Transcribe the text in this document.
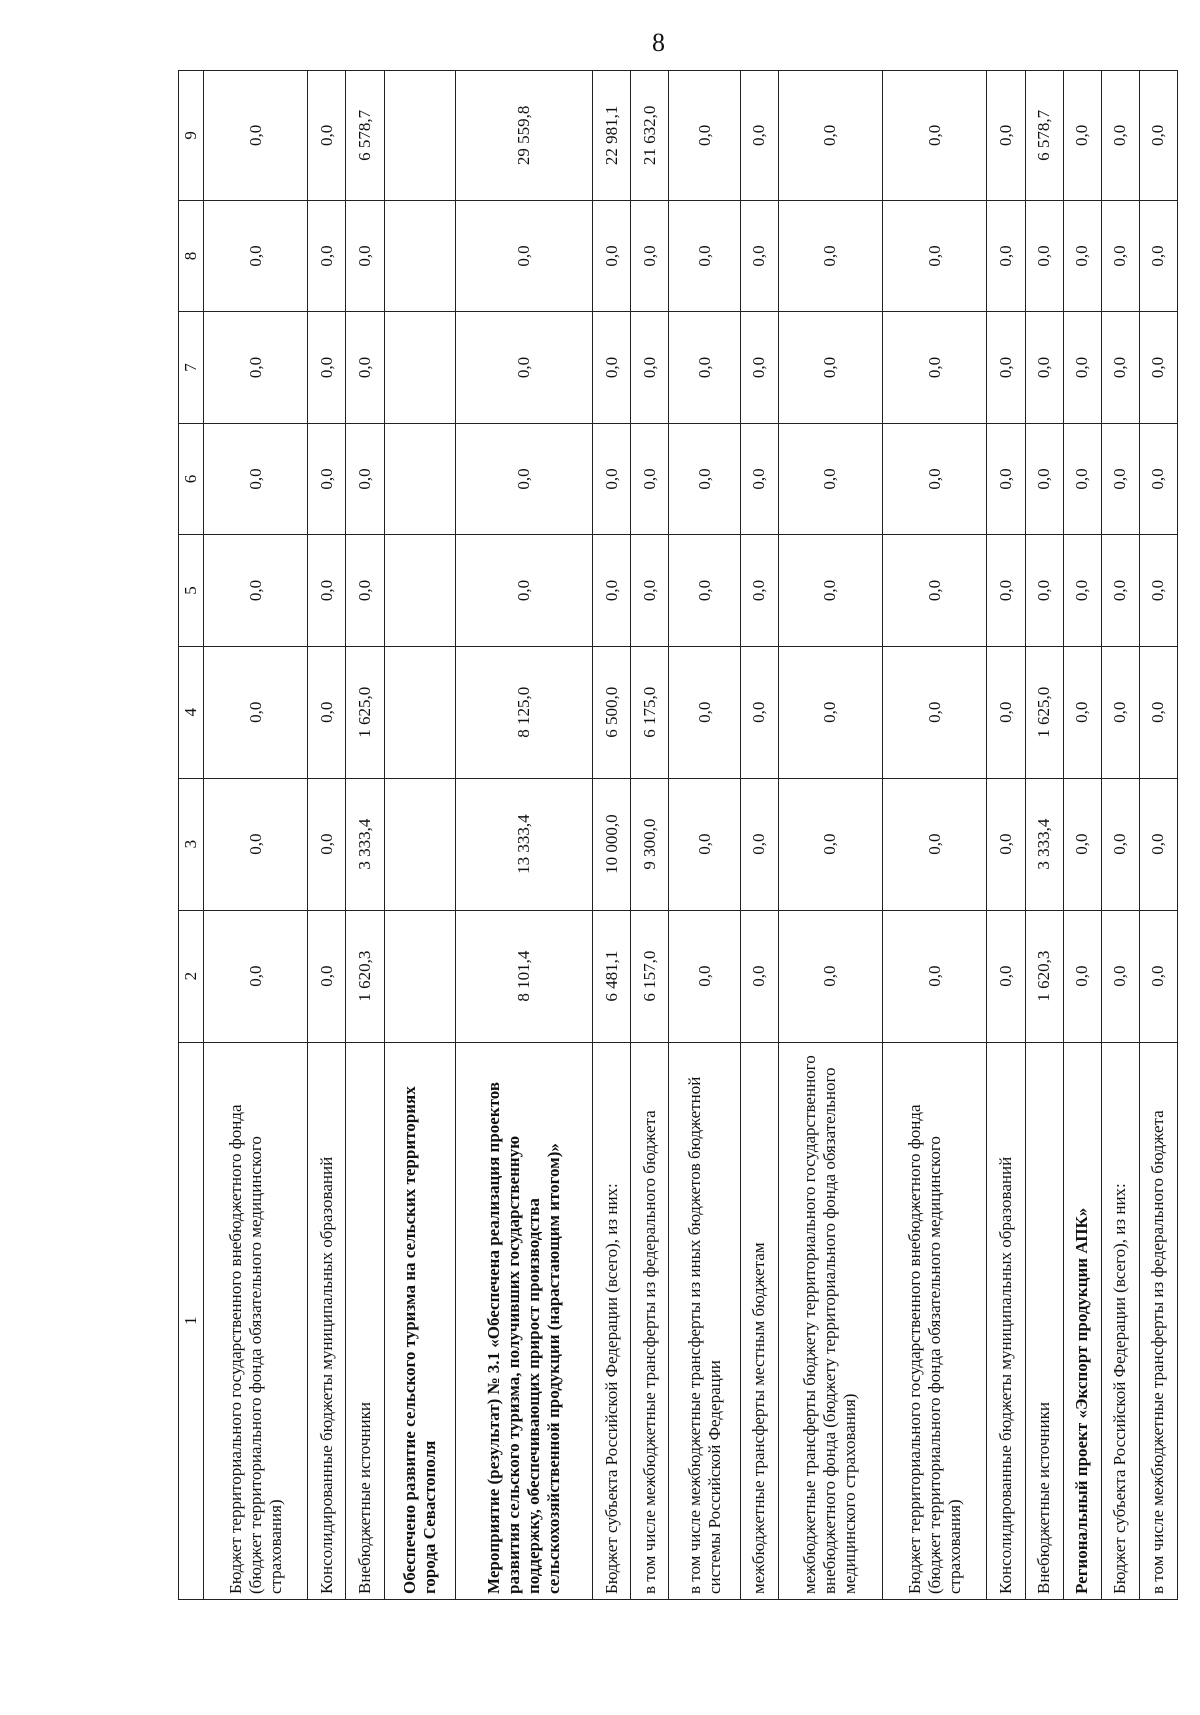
8
1	2	3	4	5	6	7	8	9
Бюджет территориального государственного внебюджетного фонда (бюджет территориального фонда обязательного медицинского страхования)	0,0	0,0	0,0	0,0	0,0	0,0	0,0	0,0
Консолидированные бюджеты муниципальных образований	0,0	0,0	0,0	0,0	0,0	0,0	0,0	0,0
Внебюджетные источники	1 620,3	3 333,4	1 625,0	0,0	0,0	0,0	0,0	6 578,7
Обеспечено развитие сельского туризма на сельских территориях города Севастополя								
Мероприятие (результат) № 3.1 «Обеспечена реализация проектов развития сельского туризма, получивших государственную поддержку, обеспечивающих прирост производства сельскохозяйственной продукции (нарастающим итогом)»	8 101,4	13 333,4	8 125,0	0,0	0,0	0,0	0,0	29 559,8
Бюджет субъекта Российской Федерации (всего), из них:	6 481,1	10 000,0	6 500,0	0,0	0,0	0,0	0,0	22 981,1
в том числе межбюджетные трансферты из федерального бюджета	6 157,0	9 300,0	6 175,0	0,0	0,0	0,0	0,0	21 632,0
в том числе межбюджетные трансферты из иных бюджетов бюджетной системы Российской Федерации	0,0	0,0	0,0	0,0	0,0	0,0	0,0	0,0
межбюджетные трансферты местным бюджетам	0,0	0,0	0,0	0,0	0,0	0,0	0,0	0,0
межбюджетные трансферты бюджету территориального государственного внебюджетного фонда (бюджету территориального фонда обязательного медицинского страхования)	0,0	0,0	0,0	0,0	0,0	0,0	0,0	0,0
Бюджет территориального государственного внебюджетного фонда (бюджет территориального фонда обязательного медицинского страхования)	0,0	0,0	0,0	0,0	0,0	0,0	0,0	0,0
Консолидированные бюджеты муниципальных образований	0,0	0,0	0,0	0,0	0,0	0,0	0,0	0,0
Внебюджетные источники	1 620,3	3 333,4	1 625,0	0,0	0,0	0,0	0,0	6 578,7
Региональный проект «Экспорт продукции АПК»	0,0	0,0	0,0	0,0	0,0	0,0	0,0	0,0
Бюджет субъекта Российской Федерации (всего), из них:	0,0	0,0	0,0	0,0	0,0	0,0	0,0	0,0
в том числе межбюджетные трансферты из федерального бюджета	0,0	0,0	0,0	0,0	0,0	0,0	0,0	0,0
